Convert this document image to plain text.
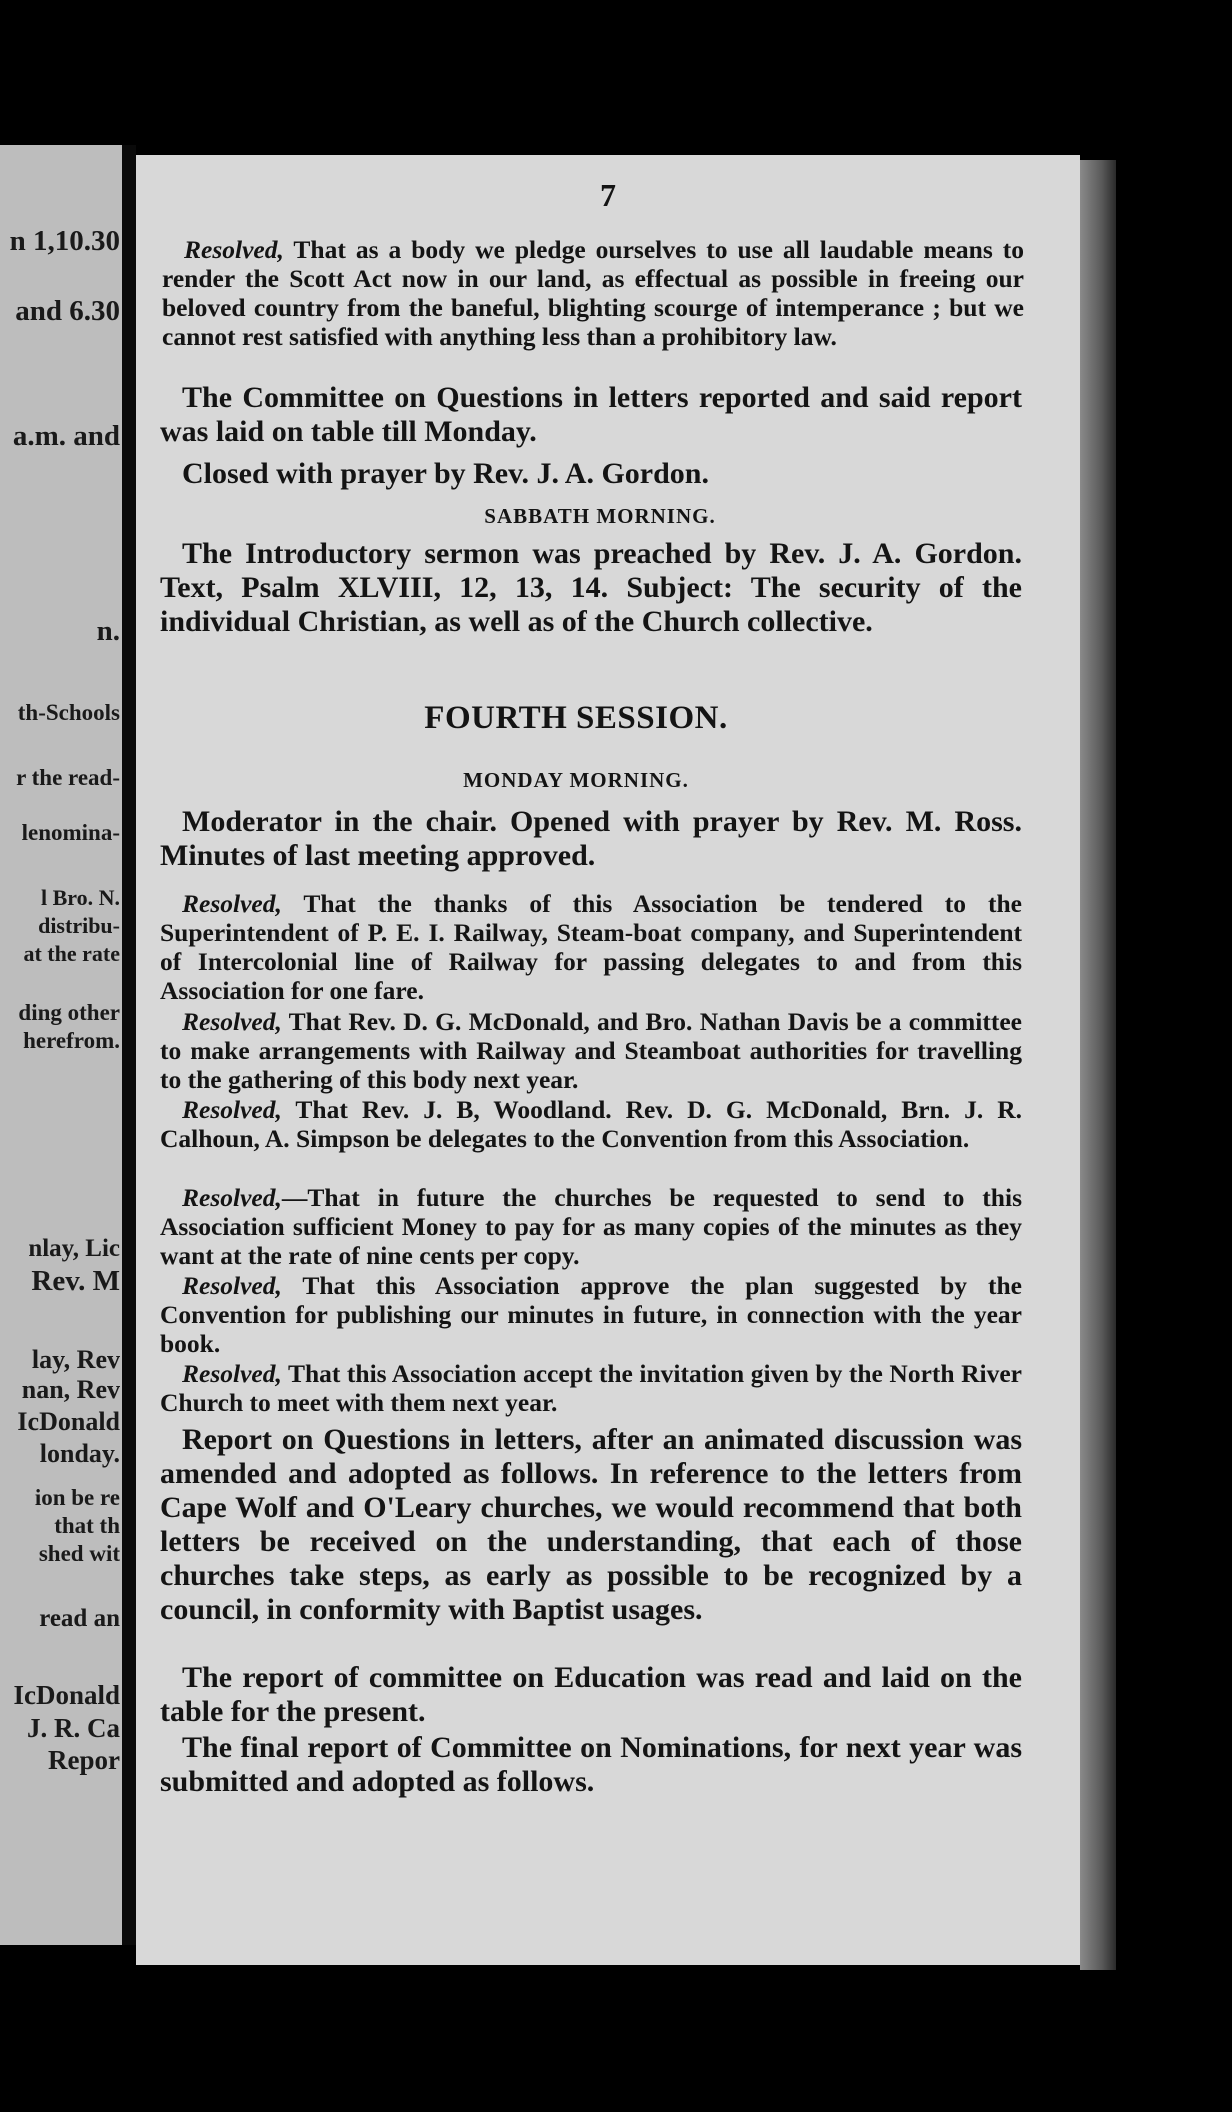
n 1,10.30
and 6.30
a.m. and
n.
th-Schools
r the read-
lenomina-
l Bro. N.
distribu-
at the rate
ding other
herefrom.
nlay, Lic
Rev. M
lay, Rev
nan, Rev
IcDonald
londay.
ion be re
that th
shed wit
read an
IcDonald
J. R. Ca
Repor
7
Resolved, That as a body we pledge ourselves to use all laudable means to render the Scott Act now in our land, as effectual as possible in freeing our beloved country from the baneful, blighting scourge of intemperance ; but we cannot rest satisfied with anything less than a prohibitory law.
The Committee on Questions in letters reported and said report was laid on table till Monday.
Closed with prayer by Rev. J. A. Gordon.
SABBATH MORNING.
The Introductory sermon was preached by Rev. J. A. Gordon. Text, Psalm XLVIII, 12, 13, 14. Subject: The security of the individual Christian, as well as of the Church collective.
FOURTH SESSION.
MONDAY MORNING.
Moderator in the chair. Opened with prayer by Rev. M. Ross. Minutes of last meeting approved.
Resolved, That the thanks of this Association be tendered to the Superintendent of P. E. I. Railway, Steam-boat company, and Superintendent of Intercolonial line of Railway for passing delegates to and from this Association for one fare.
Resolved, That Rev. D. G. McDonald, and Bro. Nathan Davis be a committee to make arrangements with Railway and Steamboat authorities for travelling to the gathering of this body next year.
Resolved, That Rev. J. B, Woodland. Rev. D. G. McDonald, Brn. J. R. Calhoun, A. Simpson be delegates to the Convention from this Association.
Resolved,—That in future the churches be requested to send to this Association sufficient Money to pay for as many copies of the minutes as they want at the rate of nine cents per copy.
Resolved, That this Association approve the plan suggested by the Convention for publishing our minutes in future, in connection with the year book.
Resolved, That this Association accept the invitation given by the North River Church to meet with them next year.
Report on Questions in letters, after an animated discussion was amended and adopted as follows. In reference to the letters from Cape Wolf and O'Leary churches, we would recommend that both letters be received on the understanding, that each of those churches take steps, as early as possible to be recognized by a council, in conformity with Baptist usages.
The report of committee on Education was read and laid on the table for the present.
The final report of Committee on Nominations, for next year was submitted and adopted as follows.
